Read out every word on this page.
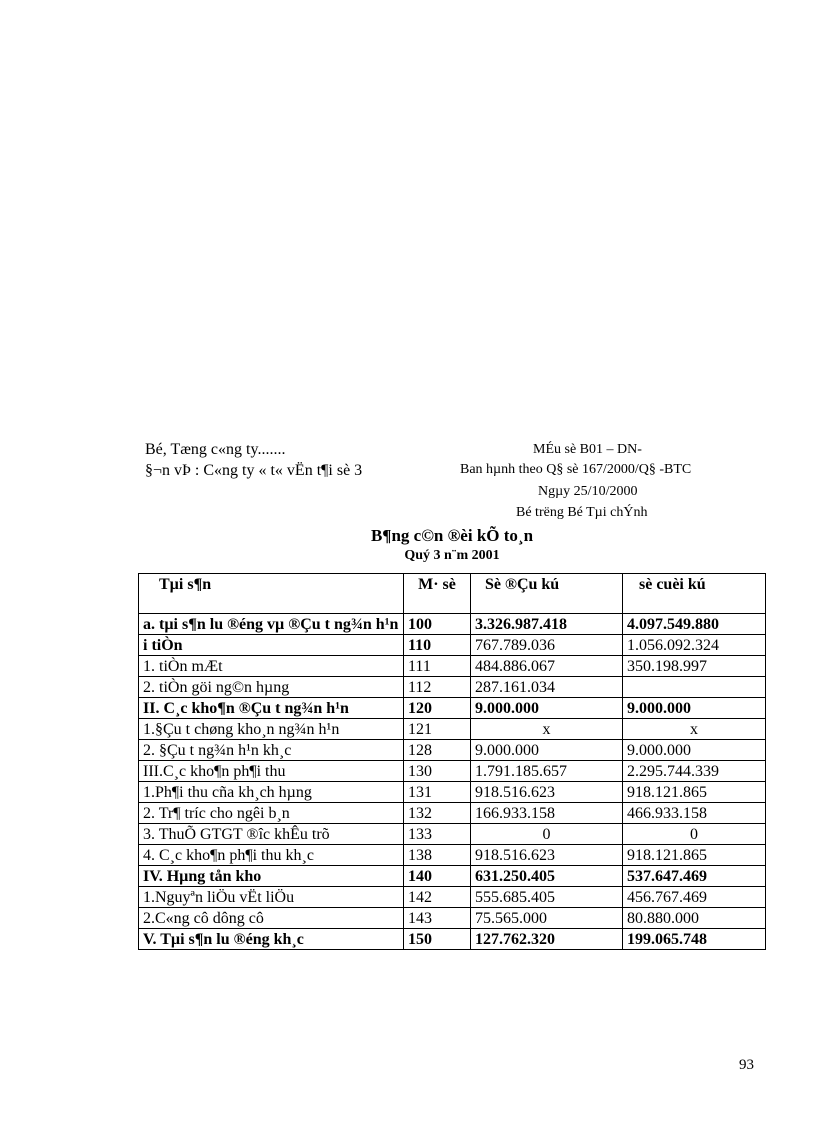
Bé, Tæng c«ng ty.......
§¬n vÞ : C«ng ty « t« vËn t¶i sè 3
MÉu sè B01 – DN-
Ban hµnh theo Q§ sè 167/2000/Q§ -BTC
Ngµy 25/10/2000
Bé trëng Bé Tµi chÝnh
B¶ng c©n ®èi kÕ to¸n
Quý 3 n¨m 2001
Tµi s¶n	M· sè	Sè ®Çu kú	sè cuèi kú
a. tµi s¶n lu ®éng vµ ®Çu t ng¾n h¹n	100	3.326.987.418	4.097.549.880
i tiÒn	110	767.789.036	1.056.092.324
1. tiÒn mÆt	111	484.886.067	350.198.997
2. tiÒn göi ng©n hµng	112	287.161.034	
II. C¸c kho¶n ®Çu t ng¾n h¹n	120	9.000.000	9.000.000
1.§Çu t chøng kho¸n ng¾n h¹n	121	x	x
2. §Çu t ng¾n h¹n kh¸c	128	9.000.000	9.000.000
III.C¸c kho¶n ph¶i thu	130	1.791.185.657	2.295.744.339
1.Ph¶i thu cña kh¸ch hµng	131	918.516.623	918.121.865
2. Tr¶ tríc cho ngêi b¸n	132	166.933.158	466.933.158
3. ThuÕ GTGT ®îc khÊu trõ	133	0	0
4. C¸c kho¶n ph¶i thu kh¸c	138	918.516.623	918.121.865
IV. Hµng tån kho	140	631.250.405	537.647.469
1.Nguyªn liÖu vËt liÖu	142	555.685.405	456.767.469
2.C«ng cô dông cô	143	75.565.000	80.880.000
V. Tµi s¶n lu ®éng kh¸c	150	127.762.320	199.065.748
93
